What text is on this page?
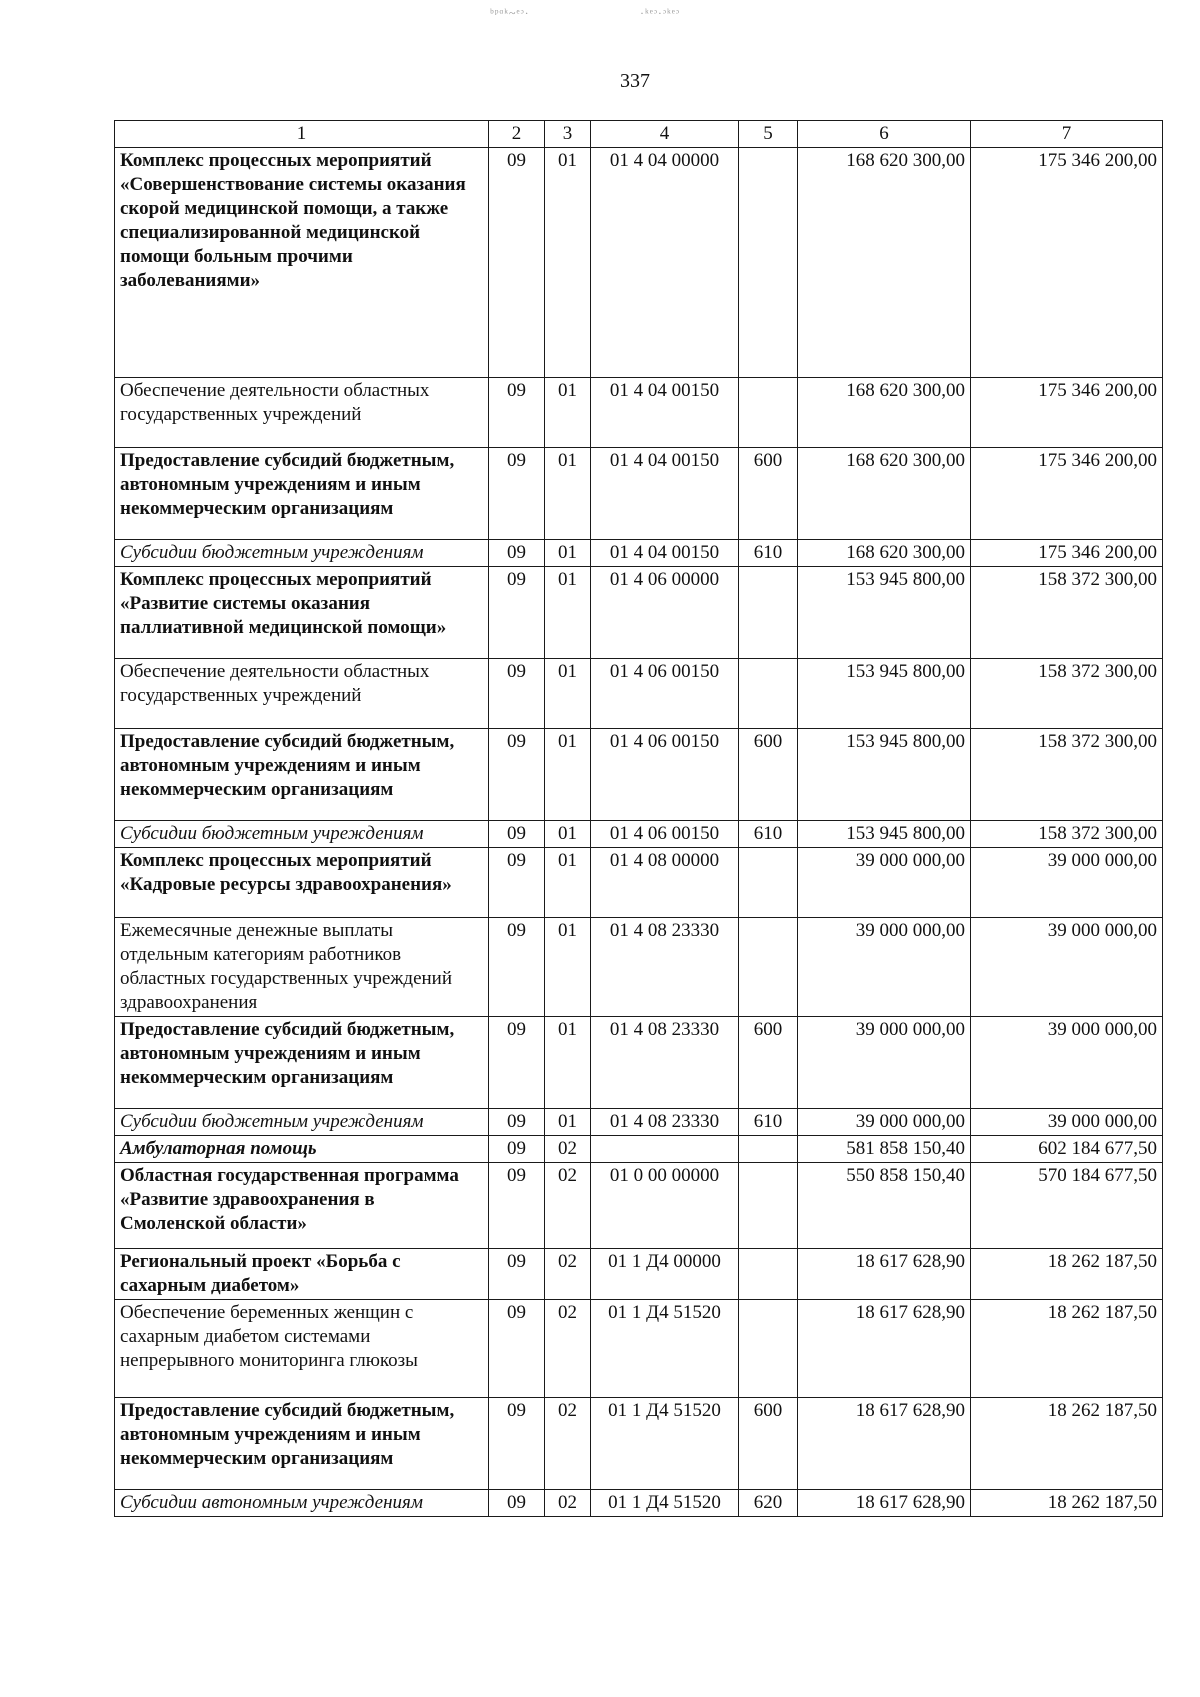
ᵇᵖᵅᵏ~ᵉᵓ·	·ᵏᵉᵓ·ᵓᵏᵉᵓ
337
1	2	3	4	5	6	7
Комплекс процессных мероприятий «Совершенствование системы оказания скорой медицинской помощи, а также специализированной медицинской помощи больным прочими заболеваниями»	09	01	01 4 04 00000		168 620 300,00	175 346 200,00
Обеспечение деятельности областных государственных учреждений	09	01	01 4 04 00150		168 620 300,00	175 346 200,00
Предоставление субсидий бюджетным, автономным учреждениям и иным некоммерческим организациям	09	01	01 4 04 00150	600	168 620 300,00	175 346 200,00
Субсидии бюджетным учреждениям	09	01	01 4 04 00150	610	168 620 300,00	175 346 200,00
Комплекс процессных мероприятий «Развитие системы оказания паллиативной медицинской помощи»	09	01	01 4 06 00000		153 945 800,00	158 372 300,00
Обеспечение деятельности областных государственных учреждений	09	01	01 4 06 00150		153 945 800,00	158 372 300,00
Предоставление субсидий бюджетным, автономным учреждениям и иным некоммерческим организациям	09	01	01 4 06 00150	600	153 945 800,00	158 372 300,00
Субсидии бюджетным учреждениям	09	01	01 4 06 00150	610	153 945 800,00	158 372 300,00
Комплекс процессных мероприятий «Кадровые ресурсы здравоохранения»	09	01	01 4 08 00000		39 000 000,00	39 000 000,00
Ежемесячные денежные выплаты отдельным категориям работников областных государственных учреждений здравоохранения	09	01	01 4 08 23330		39 000 000,00	39 000 000,00
Предоставление субсидий бюджетным, автономным учреждениям и иным некоммерческим организациям	09	01	01 4 08 23330	600	39 000 000,00	39 000 000,00
Субсидии бюджетным учреждениям	09	01	01 4 08 23330	610	39 000 000,00	39 000 000,00
Амбулаторная помощь	09	02			581 858 150,40	602 184 677,50
Областная государственная программа «Развитие здравоохранения в Смоленской области»	09	02	01 0 00 00000		550 858 150,40	570 184 677,50
Региональный проект «Борьба с сахарным диабетом»	09	02	01 1 Д4 00000		18 617 628,90	18 262 187,50
Обеспечение беременных женщин с сахарным диабетом системами непрерывного мониторинга глюкозы	09	02	01 1 Д4 51520		18 617 628,90	18 262 187,50
Предоставление субсидий бюджетным, автономным учреждениям и иным некоммерческим организациям	09	02	01 1 Д4 51520	600	18 617 628,90	18 262 187,50
Субсидии автономным учреждениям	09	02	01 1 Д4 51520	620	18 617 628,90	18 262 187,50
